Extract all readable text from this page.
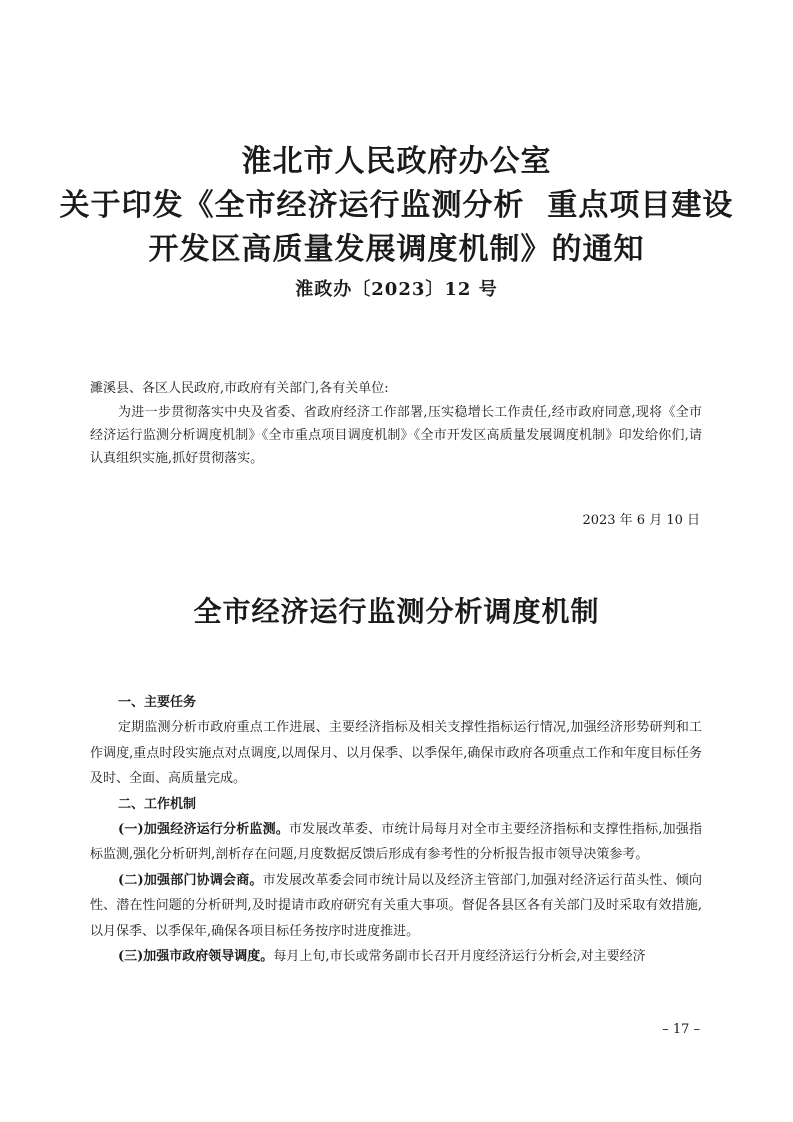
淮北市人民政府办公室
关于印发《全市经济运行监测分析  重点项目建设
开发区高质量发展调度机制》的通知
淮政办〔2023〕12 号
濉溪县、各区人民政府,市政府有关部门,各有关单位:
为进一步贯彻落实中央及省委、省政府经济工作部署,压实稳增长工作责任,经市政府同意,现将《全市经济运行监测分析调度机制》《全市重点项目调度机制》《全市开发区高质量发展调度机制》印发给你们,请认真组织实施,抓好贯彻落实。
2023 年 6 月 10 日
全市经济运行监测分析调度机制
一、主要任务
定期监测分析市政府重点工作进展、主要经济指标及相关支撑性指标运行情况,加强经济形势研判和工作调度,重点时段实施点对点调度,以周保月、以月保季、以季保年,确保市政府各项重点工作和年度目标任务及时、全面、高质量完成。
二、工作机制
(一)加强经济运行分析监测。市发展改革委、市统计局每月对全市主要经济指标和支撑性指标,加强指标监测,强化分析研判,剖析存在问题,月度数据反馈后形成有参考性的分析报告报市领导决策参考。
(二)加强部门协调会商。市发展改革委会同市统计局以及经济主管部门,加强对经济运行苗头性、倾向性、潜在性问题的分析研判,及时提请市政府研究有关重大事项。督促各县区各有关部门及时采取有效措施,以月保季、以季保年,确保各项目标任务按序时进度推进。
(三)加强市政府领导调度。每月上旬,市长或常务副市长召开月度经济运行分析会,对主要经济
– 17 –
